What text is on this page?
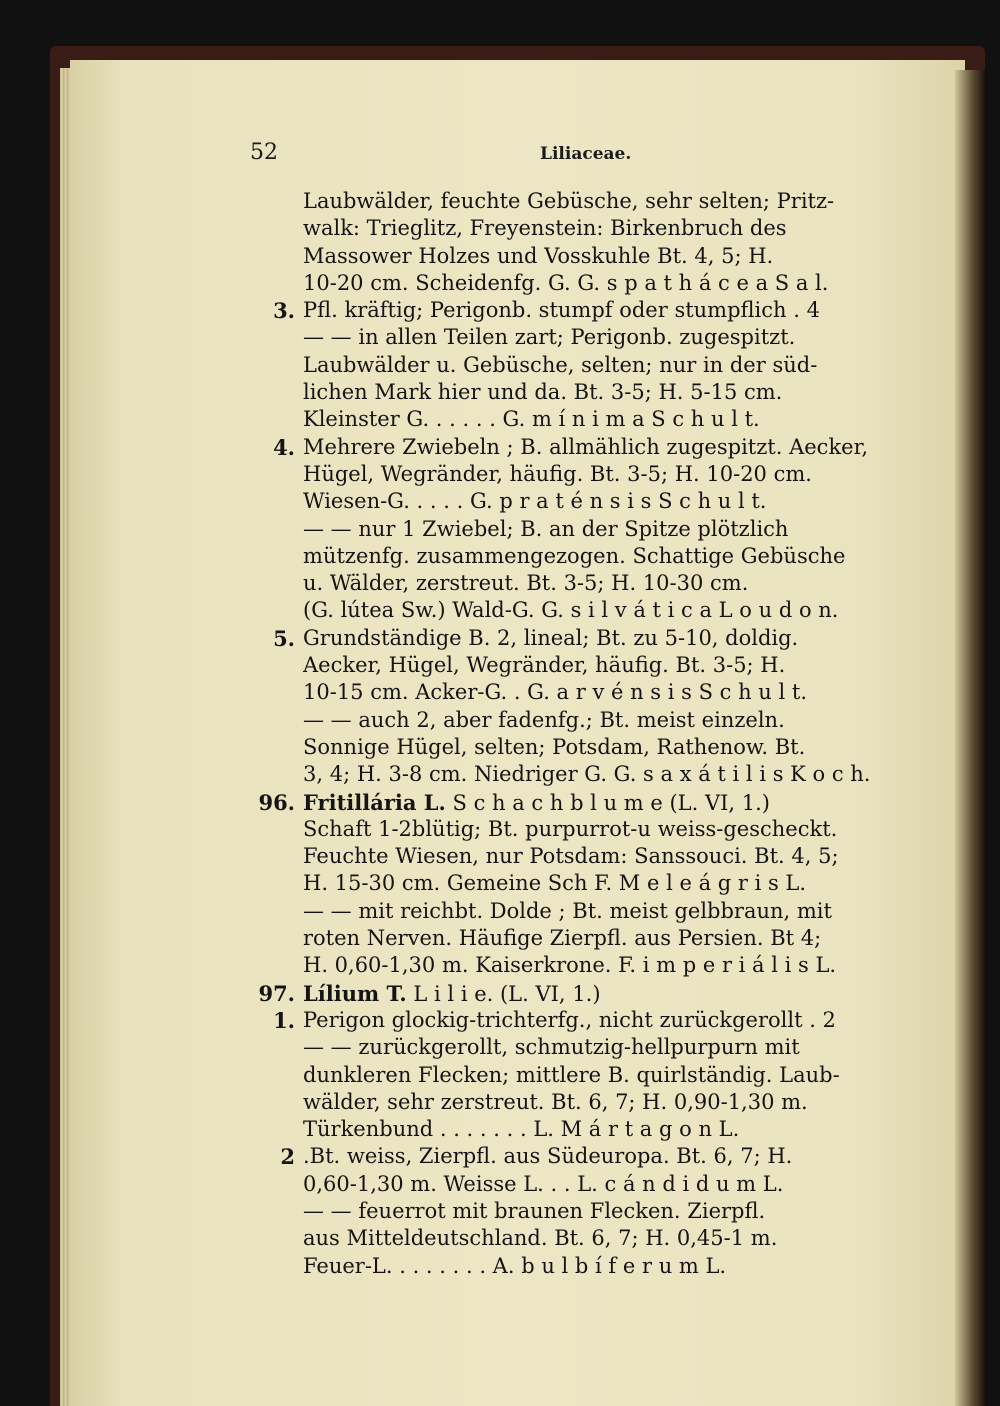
52	Liliaceae.
Laubwälder, feuchte Gebüsche, sehr selten; Pritz-
walk: Trieglitz, Freyenstein: Birkenbruch des
Massower Holzes und Vosskuhle Bt. 4, 5; H.
10-20 cm. Scheidenfg. G. G. s p a t h á c e a S a l.
3. Pfl. kräftig; Perigonb. stumpf oder stumpflich . 4
— — in allen Teilen zart; Perigonb. zugespitzt.
Laubwälder u. Gebüsche, selten; nur in der süd-
lichen Mark hier und da. Bt. 3-5; H. 5-15 cm.
Kleinster G. . . . . . G. m í n i m a S c h u l t.
4. Mehrere Zwiebeln ; B. allmählich zugespitzt. Aecker,
Hügel, Wegränder, häufig. Bt. 3-5; H. 10-20 cm.
Wiesen-G. . . . . G. p r a t é n s i s S c h u l t.
— — nur 1 Zwiebel; B. an der Spitze plötzlich
mützenfg. zusammengezogen. Schattige Gebüsche
u. Wälder, zerstreut. Bt. 3-5; H. 10-30 cm.
(G. lútea Sw.) Wald-G. G. s i l v á t i c a L o u d o n.
5. Grundständige B. 2, lineal; Bt. zu 5-10, doldig.
Aecker, Hügel, Wegränder, häufig. Bt. 3-5; H.
10-15 cm. Acker-G. . G. a r v é n s i s S c h u l t.
— — auch 2, aber fadenfg.; Bt. meist einzeln.
Sonnige Hügel, selten; Potsdam, Rathenow. Bt.
3, 4; H. 3-8 cm. Niedriger G. G. s a x á t i l i s K o c h.
96. Fritillária L. S c h a c h b l u m e (L. VI, 1.)
Schaft 1-2blütig; Bt. purpurrot-u weiss-gescheckt.
Feuchte Wiesen, nur Potsdam: Sanssouci. Bt. 4, 5;
H. 15-30 cm. Gemeine Sch F. M e l e á g r i s L.
— — mit reichbt. Dolde ; Bt. meist gelbbraun, mit
roten Nerven. Häufige Zierpfl. aus Persien. Bt 4;
H. 0,60-1,30 m. Kaiserkrone. F. i m p e r i á l i s L.
97. Lílium T. L i l i e. (L. VI, 1.)
1. Perigon glockig-trichterfg., nicht zurückgerollt . 2
— — zurückgerollt, schmutzig-hellpurpurn mit
dunkleren Flecken; mittlere B. quirlständig. Laub-
wälder, sehr zerstreut. Bt. 6, 7; H. 0,90-1,30 m.
Türkenbund . . . . . . . L. M á r t a g o n L.
2 .Bt. weiss, Zierpfl. aus Südeuropa. Bt. 6, 7; H.
0,60-1,30 m. Weisse L. . . L. c á n d i d u m L.
— — feuerrot mit braunen Flecken. Zierpfl.
aus Mitteldeutschland. Bt. 6, 7; H. 0,45-1 m.
Feuer-L. . . . . . . . A. b u l b í f e r u m L.
